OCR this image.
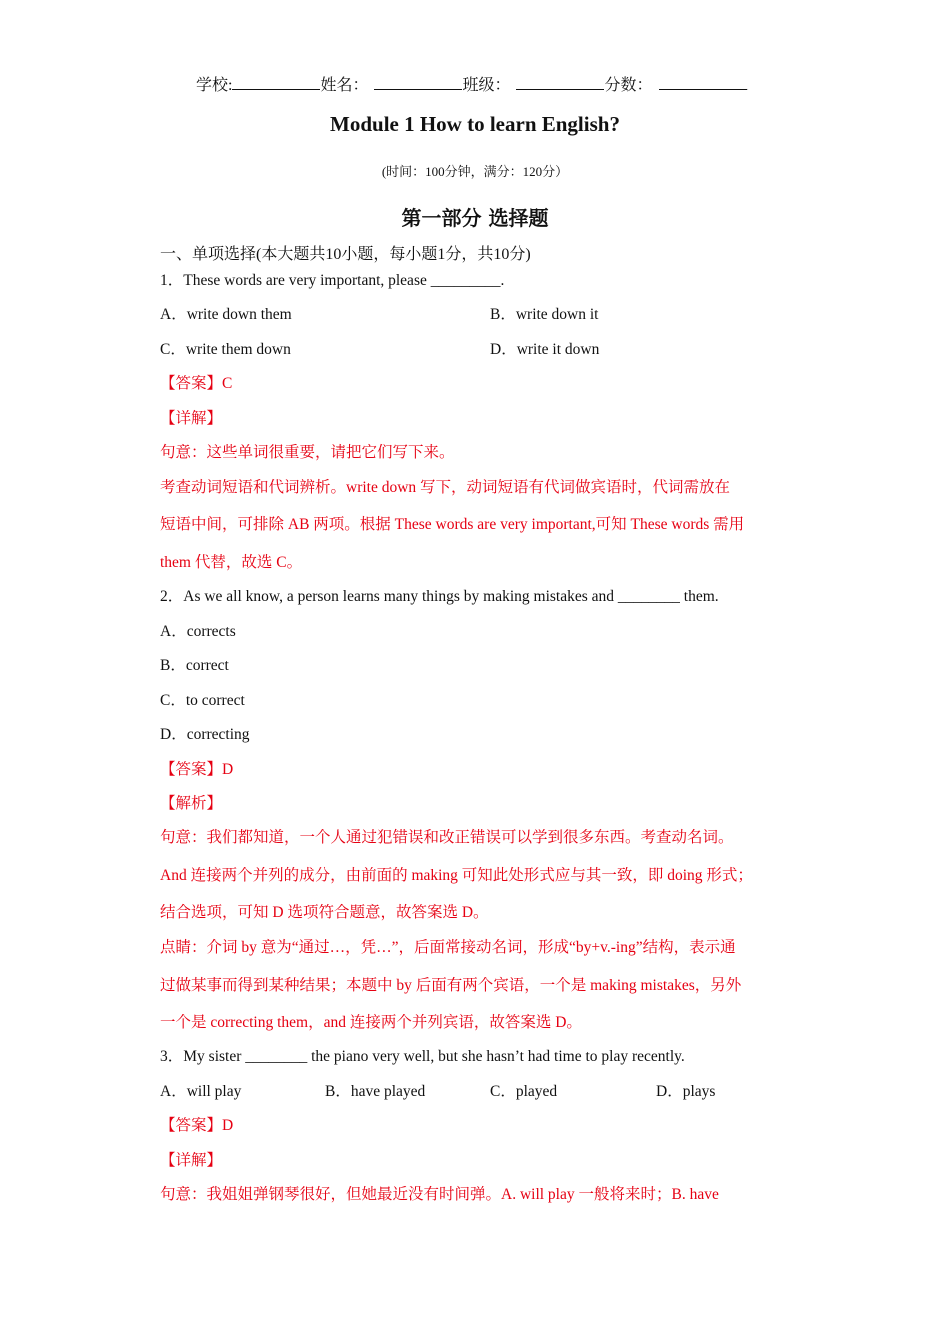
学校:	姓名：	班级：	分数：	.
Module 1 How to learn English?
(时间：100分钟，满分：120分）
第一部分 选择题
一、单项选择(本大题共10小题，每小题1分，共10分)
1．These words are very important, please _________.
A．write down them	B．write down it
C．write them down	D．write it down
【答案】C
【详解】
句意：这些单词很重要，请把它们写下来。
考查动词短语和代词辨析。write down 写下，动词短语有代词做宾语时，代词需放在
短语中间，可排除 AB 两项。根据 These words are very important,可知 These words 需用
them 代替，故选 C。
2．As we all know, a person learns many things by making mistakes and ________ them.
A．corrects
B．correct
C．to correct
D．correcting
【答案】D
【解析】
句意：我们都知道，一个人通过犯错误和改正错误可以学到很多东西。考查动名词。
And 连接两个并列的成分，由前面的 making 可知此处形式应与其一致，即 doing 形式；
结合选项，可知 D 选项符合题意，故答案选 D。
点睛：介词 by 意为“通过…，凭…”，后面常接动名词，形成“by+v.-ing”结构，表示通
过做某事而得到某种结果；本题中 by 后面有两个宾语，一个是 making mistakes，另外
一个是 correcting them，and 连接两个并列宾语，故答案选 D。
3．My sister ________ the piano very well, but she hasn’t had time to play recently.
A．will play	B．have played	C．played	D．plays
【答案】D
【详解】
句意：我姐姐弹钢琴很好，但她最近没有时间弹。A. will play 一般将来时；B. have
